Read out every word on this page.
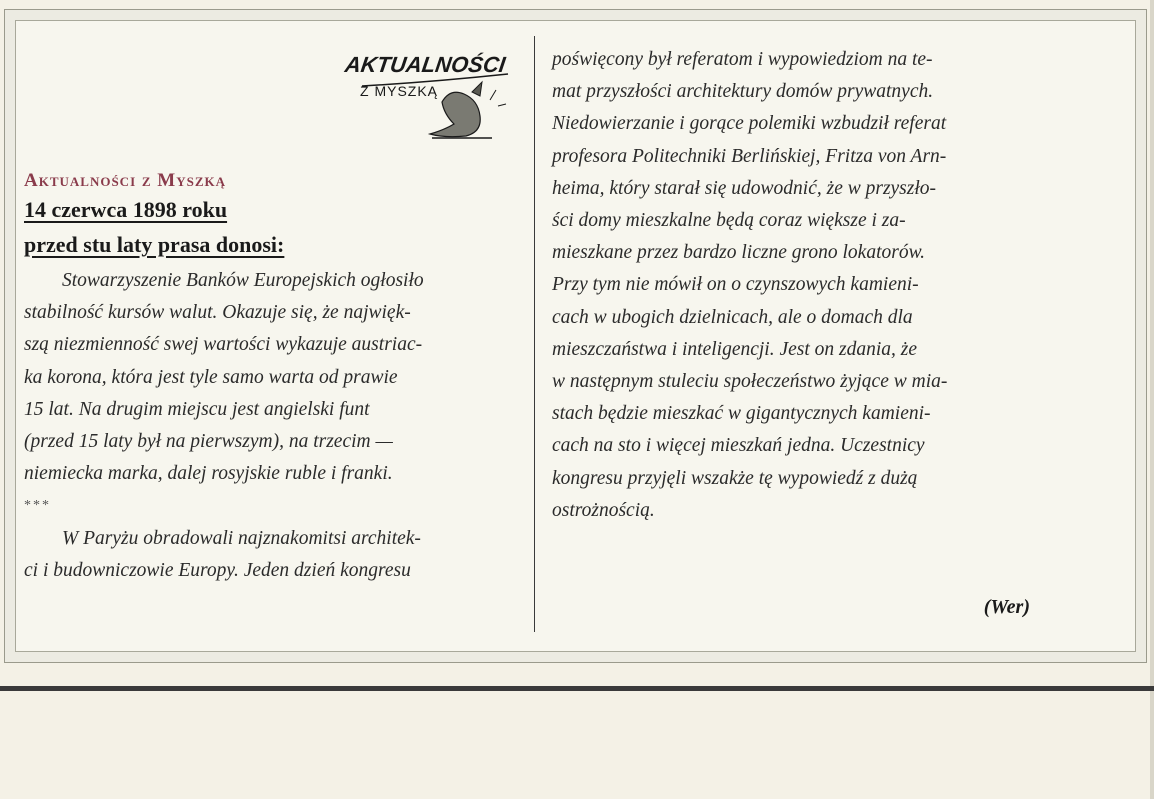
AKTUALNOŚCI
Z MYSZKĄ
Aktualności z Myszką
14 czerwca 1898 roku
przed stu laty prasa donosi:
Stowarzyszenie Banków Europejskich ogłosiło
stabilność kursów walut. Okazuje się, że najwięk-
szą niezmienność swej wartości wykazuje austriac-
ka korona, która jest tyle samo warta od prawie
15 lat. Na drugim miejscu jest angielski funt
(przed 15 laty był na pierwszym), na trzecim —
niemiecka marka, dalej rosyjskie ruble i franki.
***
W Paryżu obradowali najznakomitsi architek-
ci i budowniczowie Europy. Jeden dzień kongresu
poświęcony był referatom i wypowiedziom na te-
mat przyszłości architektury domów prywatnych.
Niedowierzanie i gorące polemiki wzbudził referat
profesora Politechniki Berlińskiej, Fritza von Arn-
heima, który starał się udowodnić, że w przyszło-
ści domy mieszkalne będą coraz większe i za-
mieszkane przez bardzo liczne grono lokatorów.
Przy tym nie mówił on o czynszowych kamieni-
cach w ubogich dzielnicach, ale o domach dla
mieszczaństwa i inteligencji. Jest on zdania, że
w następnym stuleciu społeczeństwo żyjące w mia-
stach będzie mieszkać w gigantycznych kamieni-
cach na sto i więcej mieszkań jedna. Uczestnicy
kongresu przyjęli wszakże tę wypowiedź z dużą
ostrożnością.

(Wer)
